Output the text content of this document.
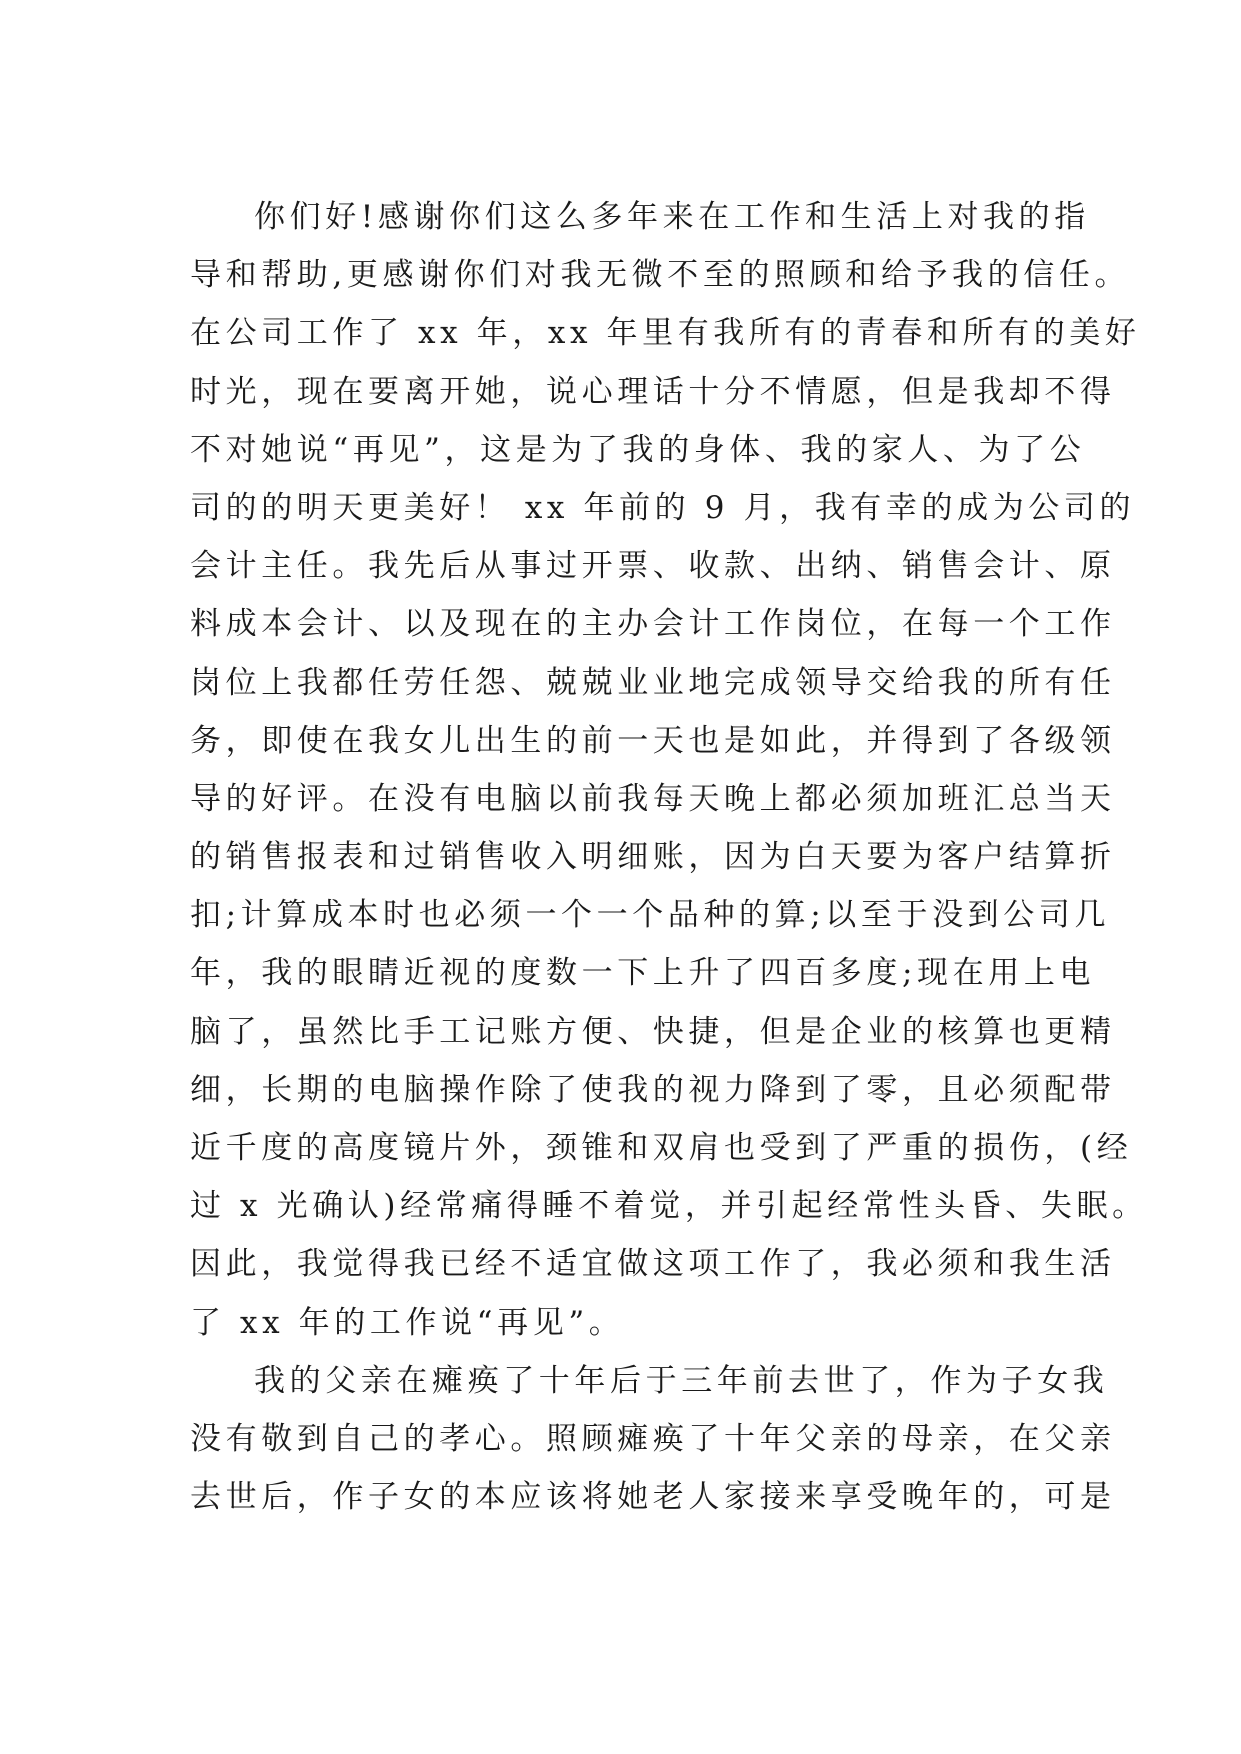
你们好!感谢你们这么多年来在工作和生活上对我的指
导和帮助,更感谢你们对我无微不至的照顾和给予我的信任。
在公司工作了 xx 年，xx 年里有我所有的青春和所有的美好
时光，现在要离开她，说心理话十分不情愿，但是我却不得
不对她说“再见”，这是为了我的身体、我的家人、为了公
司的的明天更美好！ xx 年前的 9 月，我有幸的成为公司的
会计主任。我先后从事过开票、收款、出纳、销售会计、原
料成本会计、以及现在的主办会计工作岗位，在每一个工作
岗位上我都任劳任怨、兢兢业业地完成领导交给我的所有任
务，即使在我女儿出生的前一天也是如此，并得到了各级领
导的好评。在没有电脑以前我每天晚上都必须加班汇总当天
的销售报表和过销售收入明细账，因为白天要为客户结算折
扣;计算成本时也必须一个一个品种的算;以至于没到公司几
年，我的眼睛近视的度数一下上升了四百多度;现在用上电
脑了，虽然比手工记账方便、快捷，但是企业的核算也更精
细，长期的电脑操作除了使我的视力降到了零，且必须配带
近千度的高度镜片外，颈锥和双肩也受到了严重的损伤，(经
过 x 光确认)经常痛得睡不着觉，并引起经常性头昏、失眠。
因此，我觉得我已经不适宜做这项工作了，我必须和我生活
了 xx 年的工作说“再见”。
我的父亲在瘫痪了十年后于三年前去世了，作为子女我
没有敬到自己的孝心。照顾瘫痪了十年父亲的母亲，在父亲
去世后，作子女的本应该将她老人家接来享受晚年的，可是
